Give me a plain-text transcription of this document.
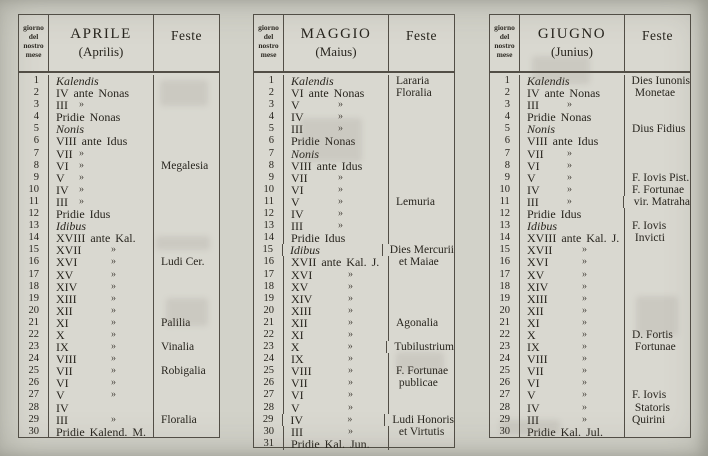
giorno
del
nostro
mese
APRILE
(Aprilis)
Feste
1	Kalendis
2	IV ante Nonas
3	III »
4	Pridie Nonas
5	Nonis
6	VIII ante Idus
7	VII »
8	VI »	Megalesia
9	V »
10	IV »
11	III »
12	Pridie Idus
13	Idibus
14	XVIII ante Kal.
15	XVII	»
16	XVI	»	Ludi Cer.
17	XV	»
18	XIV	»
19	XIII	»
20	XII	»
21	XI	»	Palilia
22	X	»
23	IX	»	Vinalia
24	VIII	»
25	VII	»	Robigalia
26	VI	»
27	V	»
28	IV
29	III	»	Floralia
30	Pridie Kalend. M.
giorno
del
nostro
mese
MAGGIO
(Maius)
Feste
1	Kalendis	Lararia
2	VI ante Nonas	Floralia
3	V	»
4	IV	»
5	III	»
6	Pridie Nonas
7	Nonis
8	VIII ante Idus
9	VII	»
10	VI	»
11	V	»	Lemuria
12	IV	»
13	III	»
14	Pridie Idus
15	Idibus	Dies Mercurii
16	XVII ante Kal. J.	et Maiae
17	XVI	»
18	XV	»
19	XIV	»
20	XIII	»
21	XII	»	Agonalia
22	XI	»
23	X	»	Tubilustrium
24	IX	»
25	VIII	»	F. Fortunae
26	VII	»	publicae
27	VI	»
28	V	»
29	IV	»	Ludi Honoris
30	III	»	et Virtutis
31	Pridie Kal. Jun.
giorno
del
nostro
mese
GIUGNO
(Junius)
Feste
1	Kalendis	Dies Iunonis
2	IV ante Nonas	Monetae
3	III	»
4	Pridie Nonas
5	Nonis	Dius Fidius
6	VIII ante Idus
7	VII »
8	VI	»
9	V	»	F. Iovis Pist.
10	IV	»	F. Fortunae
11	III	»	vir. Matraha
12	Pridie Idus
13	Idibus	F. Iovis
14	XVIII ante Kal. J.	Invicti
15	XVII	»
16	XVI	»
17	XV	»
18	XIV	»
19	XIII	»
20	XII	»
21	XI	»
22	X	»	D. Fortis
23	IX	»	Fortunae
24	VIII	»
25	VII	»
26	VI	»
27	V	»	F. Iovis
28	IV	»	Statoris
29	III	»	Quirini
30	Pridie Kal. Jul.
